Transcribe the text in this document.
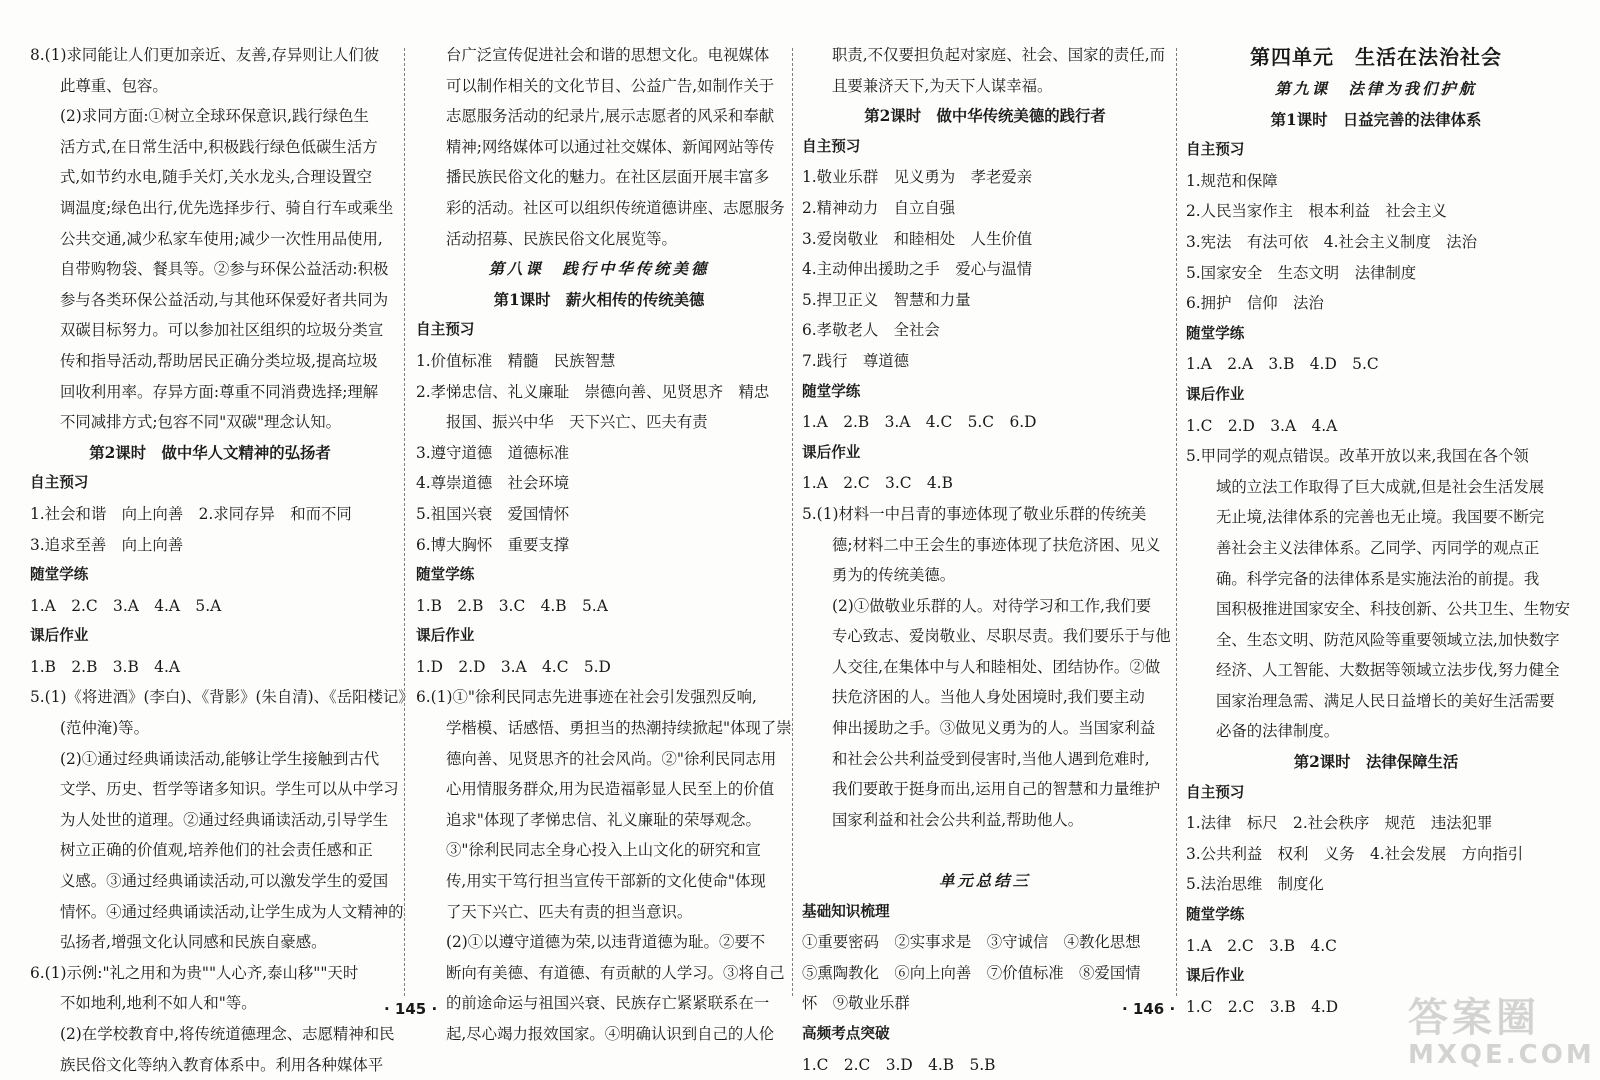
8.(1)求同能让人们更加亲近、友善,存异则让人们彼
此尊重、包容。
(2)求同方面:①树立全球环保意识,践行绿色生
活方式,在日常生活中,积极践行绿色低碳生活方
式,如节约水电,随手关灯,关水龙头,合理设置空
调温度;绿色出行,优先选择步行、骑自行车或乘坐
公共交通,减少私家车使用;减少一次性用品使用,
自带购物袋、餐具等。②参与环保公益活动:积极
参与各类环保公益活动,与其他环保爱好者共同为
双碳目标努力。可以参加社区组织的垃圾分类宣
传和指导活动,帮助居民正确分类垃圾,提高垃圾
回收利用率。存异方面:尊重不同消费选择;理解
不同减排方式;包容不同"双碳"理念认知。
第2课时　做中华人文精神的弘扬者
自主预习
1.社会和谐　向上向善　2.求同存异　和而不同
3.追求至善　向上向善
随堂学练
1.A　2.C　3.A　4.A　5.A
课后作业
1.B　2.B　3.B　4.A
5.(1)《将进酒》(李白)、《背影》(朱自清)、《岳阳楼记》
(范仲淹)等。
(2)①通过经典诵读活动,能够让学生接触到古代
文学、历史、哲学等诸多知识。学生可以从中学习
为人处世的道理。②通过经典诵读活动,引导学生
树立正确的价值观,培养他们的社会责任感和正
义感。③通过经典诵读活动,可以激发学生的爱国
情怀。④通过经典诵读活动,让学生成为人文精神的
弘扬者,增强文化认同感和民族自豪感。
6.(1)示例:"礼之用和为贵""人心齐,泰山移""天时
不如地利,地利不如人和"等。
(2)在学校教育中,将传统道德理念、志愿精神和民
族民俗文化等纳入教育体系中。利用各种媒体平
台广泛宣传促进社会和谐的思想文化。电视媒体
可以制作相关的文化节目、公益广告,如制作关于
志愿服务活动的纪录片,展示志愿者的风采和奉献
精神;网络媒体可以通过社交媒体、新闻网站等传
播民族民俗文化的魅力。在社区层面开展丰富多
彩的活动。社区可以组织传统道德讲座、志愿服务
活动招募、民族民俗文化展览等。
第八课　践行中华传统美德
第1课时　薪火相传的传统美德
自主预习
1.价值标准　精髓　民族智慧
2.孝悌忠信、礼义廉耻　崇德向善、见贤思齐　精忠
报国、振兴中华　天下兴亡、匹夫有责
3.遵守道德　道德标准
4.尊崇道德　社会环境
5.祖国兴衰　爱国情怀
6.博大胸怀　重要支撑
随堂学练
1.B　2.B　3.C　4.B　5.A
课后作业
1.D　2.D　3.A　4.C　5.D
6.(1)①"徐利民同志先进事迹在社会引发强烈反响,
学楷模、话感悟、勇担当的热潮持续掀起"体现了崇
德向善、见贤思齐的社会风尚。②"徐利民同志用
心用情服务群众,用为民造福彰显人民至上的价值
追求"体现了孝悌忠信、礼义廉耻的荣辱观念。
③"徐利民同志全身心投入上山文化的研究和宣
传,用实干笃行担当宣传干部新的文化使命"体现
了天下兴亡、匹夫有责的担当意识。
(2)①以遵守道德为荣,以违背道德为耻。②要不
断向有美德、有道德、有贡献的人学习。③将自己
的前途命运与祖国兴衰、民族存亡紧紧联系在一
起,尽心竭力报效国家。④明确认识到自己的人伦
职责,不仅要担负起对家庭、社会、国家的责任,而
且要兼济天下,为天下人谋幸福。
第2课时　做中华传统美德的践行者
自主预习
1.敬业乐群　见义勇为　孝老爱亲
2.精神动力　自立自强
3.爱岗敬业　和睦相处　人生价值
4.主动伸出援助之手　爱心与温情
5.捍卫正义　智慧和力量
6.孝敬老人　全社会
7.践行　尊道德
随堂学练
1.A　2.B　3.A　4.C　5.C　6.D
课后作业
1.A　2.C　3.C　4.B
5.(1)材料一中吕青的事迹体现了敬业乐群的传统美
德;材料二中王会生的事迹体现了扶危济困、见义
勇为的传统美德。
(2)①做敬业乐群的人。对待学习和工作,我们要
专心致志、爱岗敬业、尽职尽责。我们要乐于与他
人交往,在集体中与人和睦相处、团结协作。②做
扶危济困的人。当他人身处困境时,我们要主动
伸出援助之手。③做见义勇为的人。当国家利益
和社会公共利益受到侵害时,当他人遇到危难时,
我们要敢于挺身而出,运用自己的智慧和力量维护
国家利益和社会公共利益,帮助他人。

单元总结三
基础知识梳理
①重要密码　②实事求是　③守诚信　④教化思想
⑤熏陶教化　⑥向上向善　⑦价值标准　⑧爱国情
怀　⑨敬业乐群
高频考点突破
1.C　2.C　3.D　4.B　5.B
第四单元　生活在法治社会
第九课　法律为我们护航
第1课时　日益完善的法律体系
自主预习
1.规范和保障
2.人民当家作主　根本利益　社会主义
3.宪法　有法可依　4.社会主义制度　法治
5.国家安全　生态文明　法律制度
6.拥护　信仰　法治
随堂学练
1.A　2.A　3.B　4.D　5.C
课后作业
1.C　2.D　3.A　4.A
5.甲同学的观点错误。改革开放以来,我国在各个领
域的立法工作取得了巨大成就,但是社会生活发展
无止境,法律体系的完善也无止境。我国要不断完
善社会主义法律体系。乙同学、丙同学的观点正
确。科学完备的法律体系是实施法治的前提。我
国积极推进国家安全、科技创新、公共卫生、生物安
全、生态文明、防范风险等重要领域立法,加快数字
经济、人工智能、大数据等领域立法步伐,努力健全
国家治理急需、满足人民日益增长的美好生活需要
必备的法律制度。
第2课时　法律保障生活
自主预习
1.法律　标尺　2.社会秩序　规范　违法犯罪
3.公共利益　权利　义务　4.社会发展　方向指引
5.法治思维　制度化
随堂学练
1.A　2.C　3.B　4.C
课后作业
1.C　2.C　3.B　4.D
· 145 ·	· 146 ·	答案圈
MXQE.COM
